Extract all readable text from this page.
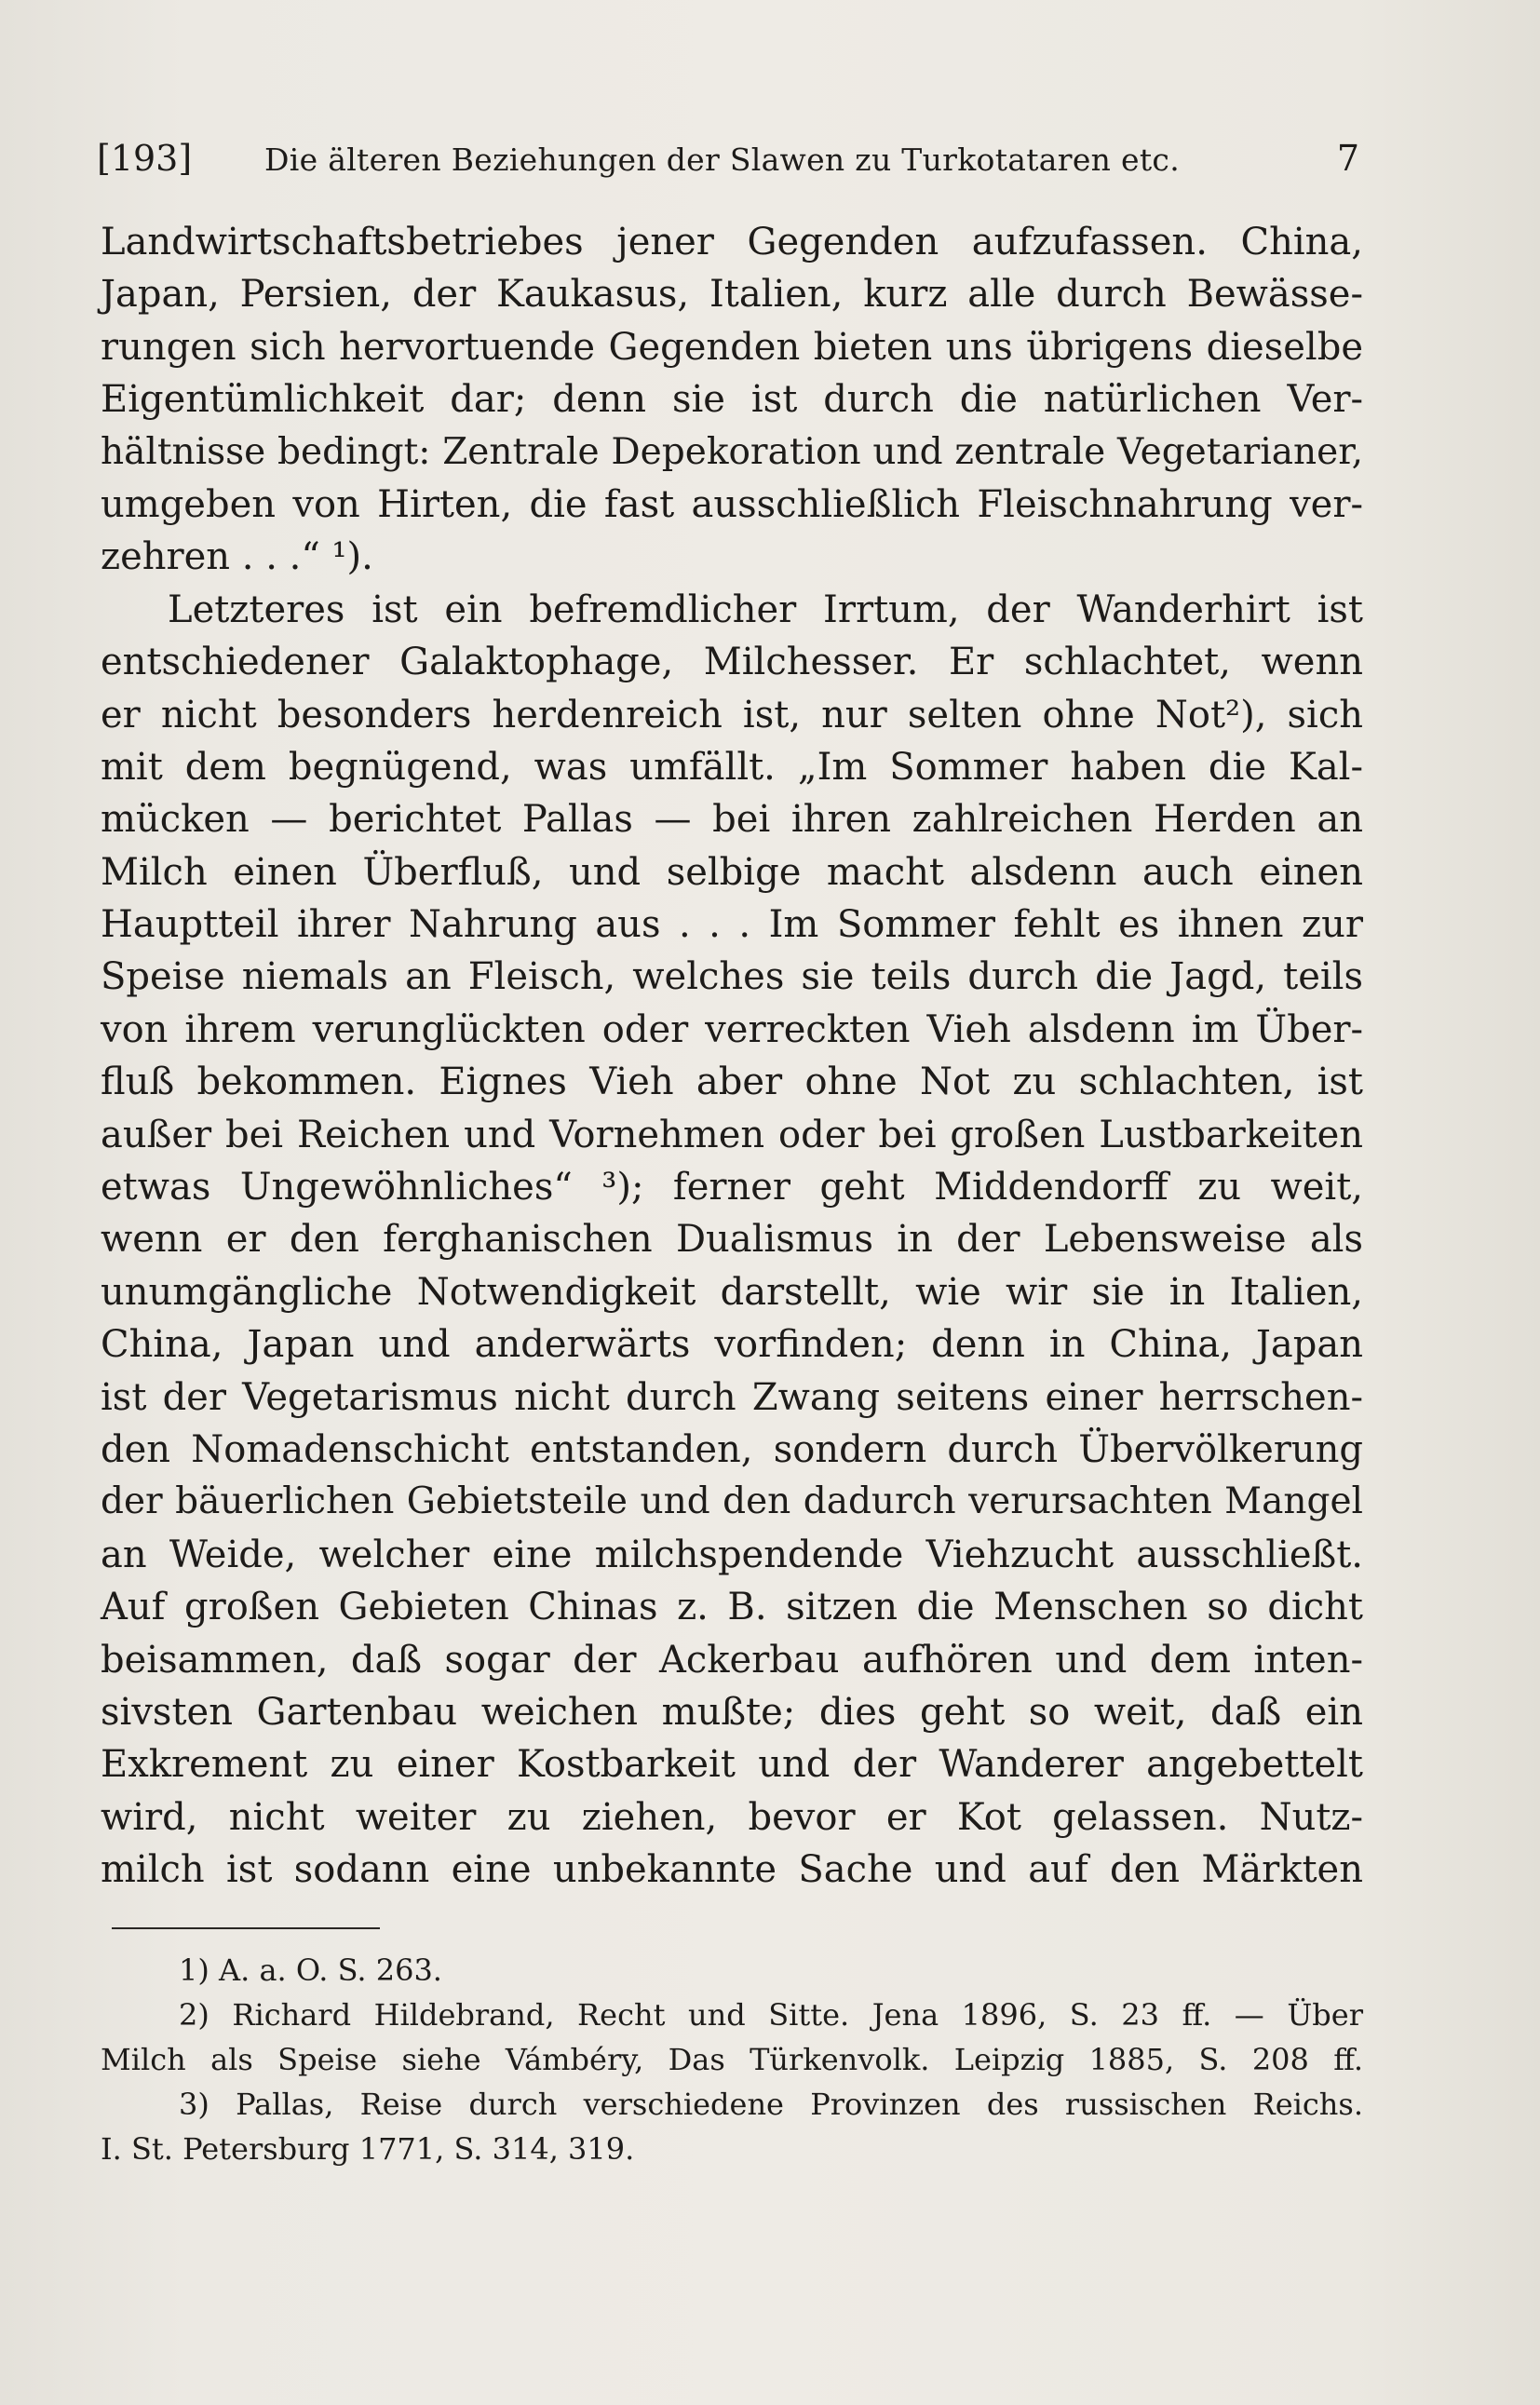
[193] Die älteren Beziehungen der Slawen zu Turkotataren etc.	7
Landwirtschaftsbetriebes jener Gegenden aufzufassen. China,
Japan, Persien, der Kaukasus, Italien, kurz alle durch Bewässe-
rungen sich hervortuende Gegenden bieten uns übrigens dieselbe
Eigentümlichkeit dar; denn sie ist durch die natürlichen Ver-
hältnisse bedingt: Zentrale Depekoration und zentrale Vegetarianer,
umgeben von Hirten, die fast ausschließlich Fleischnahrung ver-
zehren . . .“ ¹).
Letzteres ist ein befremdlicher Irrtum, der Wanderhirt ist
entschiedener Galaktophage, Milchesser. Er schlachtet, wenn
er nicht besonders herdenreich ist, nur selten ohne Not²), sich
mit dem begnügend, was umfällt. „Im Sommer haben die Kal-
mücken — berichtet Pallas — bei ihren zahlreichen Herden an
Milch einen Überfluß, und selbige macht alsdenn auch einen
Hauptteil ihrer Nahrung aus . . . Im Sommer fehlt es ihnen zur
Speise niemals an Fleisch, welches sie teils durch die Jagd, teils
von ihrem verunglückten oder verreckten Vieh alsdenn im Über-
fluß bekommen. Eignes Vieh aber ohne Not zu schlachten, ist
außer bei Reichen und Vornehmen oder bei großen Lustbarkeiten
etwas Ungewöhnliches“ ³); ferner geht Middendorff zu weit,
wenn er den ferghanischen Dualismus in der Lebensweise als
unumgängliche Notwendigkeit darstellt, wie wir sie in Italien,
China, Japan und anderwärts vorfinden; denn in China, Japan
ist der Vegetarismus nicht durch Zwang seitens einer herrschen-
den Nomadenschicht entstanden, sondern durch Übervölkerung
der bäuerlichen Gebietsteile und den dadurch verursachten Mangel
an Weide, welcher eine milchspendende Viehzucht ausschließt.
Auf großen Gebieten Chinas z. B. sitzen die Menschen so dicht
beisammen, daß sogar der Ackerbau aufhören und dem inten-
sivsten Gartenbau weichen mußte; dies geht so weit, daß ein
Exkrement zu einer Kostbarkeit und der Wanderer angebettelt
wird, nicht weiter zu ziehen, bevor er Kot gelassen. Nutz-
milch ist sodann eine unbekannte Sache und auf den Märkten
1) A. a. O. S. 263.
2) Richard Hildebrand, Recht und Sitte. Jena 1896, S. 23 ff. — Über
Milch als Speise siehe Vámbéry, Das Türkenvolk. Leipzig 1885, S. 208 ff.
3) Pallas, Reise durch verschiedene Provinzen des russischen Reichs.
I. St. Petersburg 1771, S. 314, 319.
